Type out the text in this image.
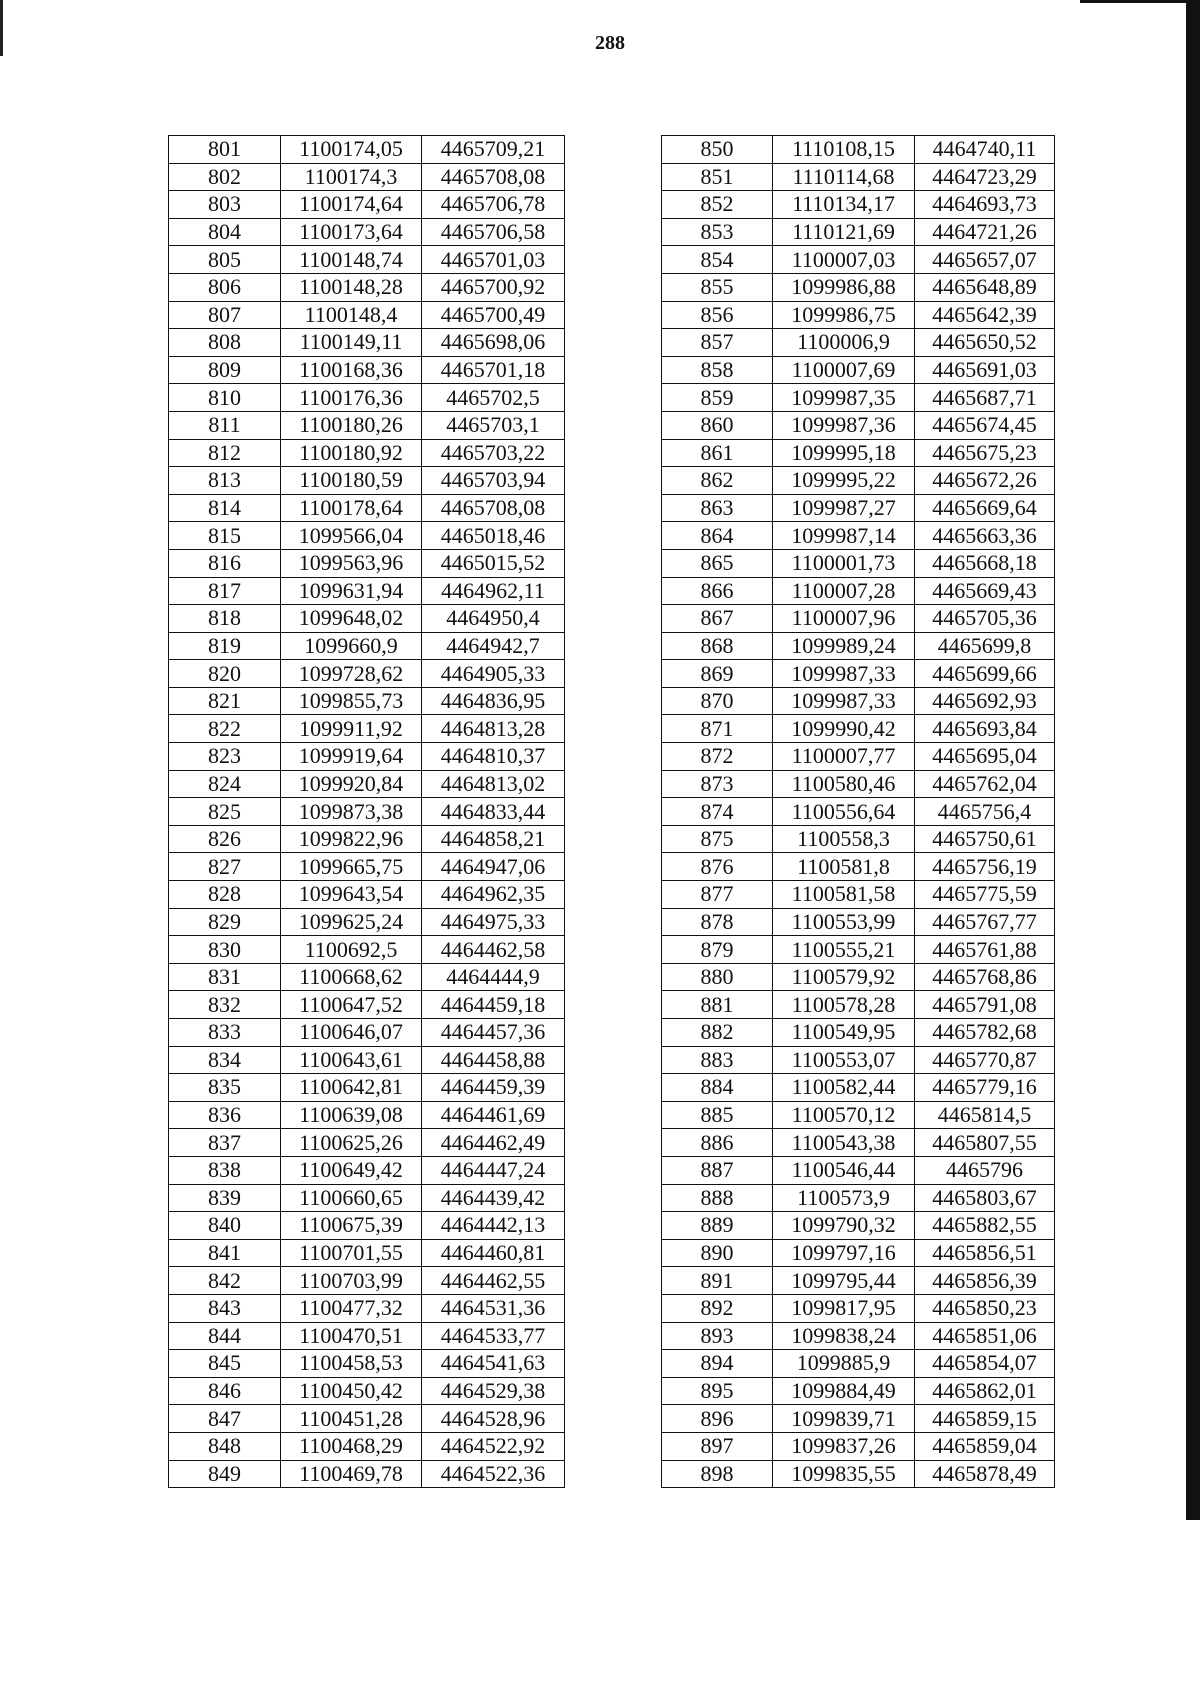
288
801	1100174,05	4465709,21
802	1100174,3	4465708,08
803	1100174,64	4465706,78
804	1100173,64	4465706,58
805	1100148,74	4465701,03
806	1100148,28	4465700,92
807	1100148,4	4465700,49
808	1100149,11	4465698,06
809	1100168,36	4465701,18
810	1100176,36	4465702,5
811	1100180,26	4465703,1
812	1100180,92	4465703,22
813	1100180,59	4465703,94
814	1100178,64	4465708,08
815	1099566,04	4465018,46
816	1099563,96	4465015,52
817	1099631,94	4464962,11
818	1099648,02	4464950,4
819	1099660,9	4464942,7
820	1099728,62	4464905,33
821	1099855,73	4464836,95
822	1099911,92	4464813,28
823	1099919,64	4464810,37
824	1099920,84	4464813,02
825	1099873,38	4464833,44
826	1099822,96	4464858,21
827	1099665,75	4464947,06
828	1099643,54	4464962,35
829	1099625,24	4464975,33
830	1100692,5	4464462,58
831	1100668,62	4464444,9
832	1100647,52	4464459,18
833	1100646,07	4464457,36
834	1100643,61	4464458,88
835	1100642,81	4464459,39
836	1100639,08	4464461,69
837	1100625,26	4464462,49
838	1100649,42	4464447,24
839	1100660,65	4464439,42
840	1100675,39	4464442,13
841	1100701,55	4464460,81
842	1100703,99	4464462,55
843	1100477,32	4464531,36
844	1100470,51	4464533,77
845	1100458,53	4464541,63
846	1100450,42	4464529,38
847	1100451,28	4464528,96
848	1100468,29	4464522,92
849	1100469,78	4464522,36
850	1110108,15	4464740,11
851	1110114,68	4464723,29
852	1110134,17	4464693,73
853	1110121,69	4464721,26
854	1100007,03	4465657,07
855	1099986,88	4465648,89
856	1099986,75	4465642,39
857	1100006,9	4465650,52
858	1100007,69	4465691,03
859	1099987,35	4465687,71
860	1099987,36	4465674,45
861	1099995,18	4465675,23
862	1099995,22	4465672,26
863	1099987,27	4465669,64
864	1099987,14	4465663,36
865	1100001,73	4465668,18
866	1100007,28	4465669,43
867	1100007,96	4465705,36
868	1099989,24	4465699,8
869	1099987,33	4465699,66
870	1099987,33	4465692,93
871	1099990,42	4465693,84
872	1100007,77	4465695,04
873	1100580,46	4465762,04
874	1100556,64	4465756,4
875	1100558,3	4465750,61
876	1100581,8	4465756,19
877	1100581,58	4465775,59
878	1100553,99	4465767,77
879	1100555,21	4465761,88
880	1100579,92	4465768,86
881	1100578,28	4465791,08
882	1100549,95	4465782,68
883	1100553,07	4465770,87
884	1100582,44	4465779,16
885	1100570,12	4465814,5
886	1100543,38	4465807,55
887	1100546,44	4465796
888	1100573,9	4465803,67
889	1099790,32	4465882,55
890	1099797,16	4465856,51
891	1099795,44	4465856,39
892	1099817,95	4465850,23
893	1099838,24	4465851,06
894	1099885,9	4465854,07
895	1099884,49	4465862,01
896	1099839,71	4465859,15
897	1099837,26	4465859,04
898	1099835,55	4465878,49
